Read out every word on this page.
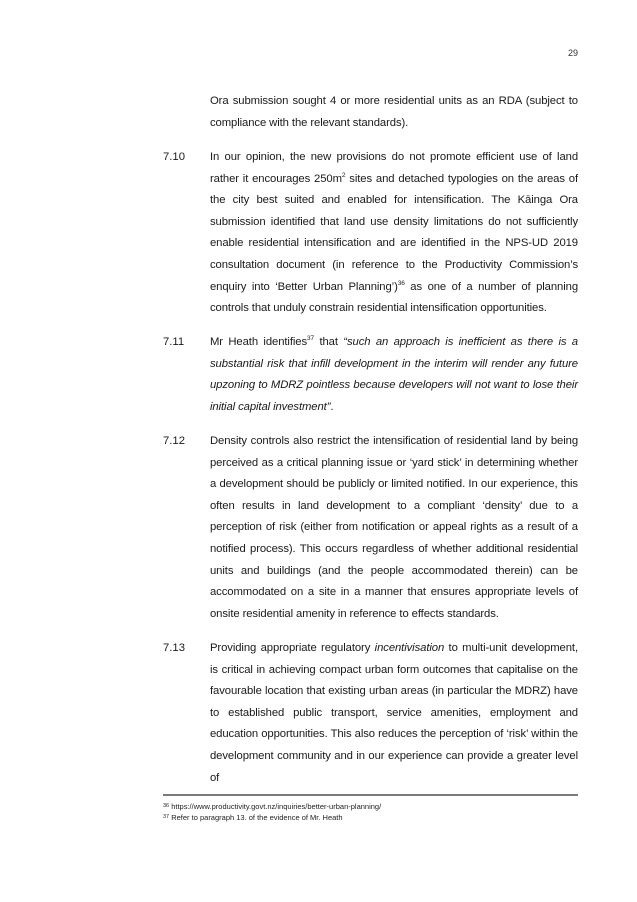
29
Ora submission sought 4 or more residential units as an RDA (subject to compliance with the relevant standards).
7.10 In our opinion, the new provisions do not promote efficient use of land rather it encourages $250m^2$ sites and detached typologies on the areas of the city best suited and enabled for intensification. The Kāinga Ora submission identified that land use density limitations do not sufficiently enable residential intensification and are identified in the NPS-UD 2019 consultation document (in reference to the Productivity Commission’s enquiry into ‘Better Urban Planning’)$^{36}$ as one of a number of planning controls that unduly constrain residential intensification opportunities.
7.11 Mr Heath identifies$^{37}$ that “such an approach is inefficient as there is a substantial risk that infill development in the interim will render any future upzoning to MDRZ pointless because developers will not want to lose their initial capital investment”.
7.12 Density controls also restrict the intensification of residential land by being perceived as a critical planning issue or ‘yard stick’ in determining whether a development should be publicly or limited notified. In our experience, this often results in land development to a compliant ‘density’ due to a perception of risk (either from notification or appeal rights as a result of a notified process). This occurs regardless of whether additional residential units and buildings (and the people accommodated therein) can be accommodated on a site in a manner that ensures appropriate levels of onsite residential amenity in reference to effects standards.
7.13 Providing appropriate regulatory incentivisation to multi-unit development, is critical in achieving compact urban form outcomes that capitalise on the favourable location that existing urban areas (in particular the MDRZ) have to established public transport, service amenities, employment and education opportunities. This also reduces the perception of ‘risk’ within the development community and in our experience can provide a greater level of
$^{36}$ https://www.productivity.govt.nz/inquiries/better-urban-planning/
$^{37}$ Refer to paragraph 13. of the evidence of Mr. Heath
